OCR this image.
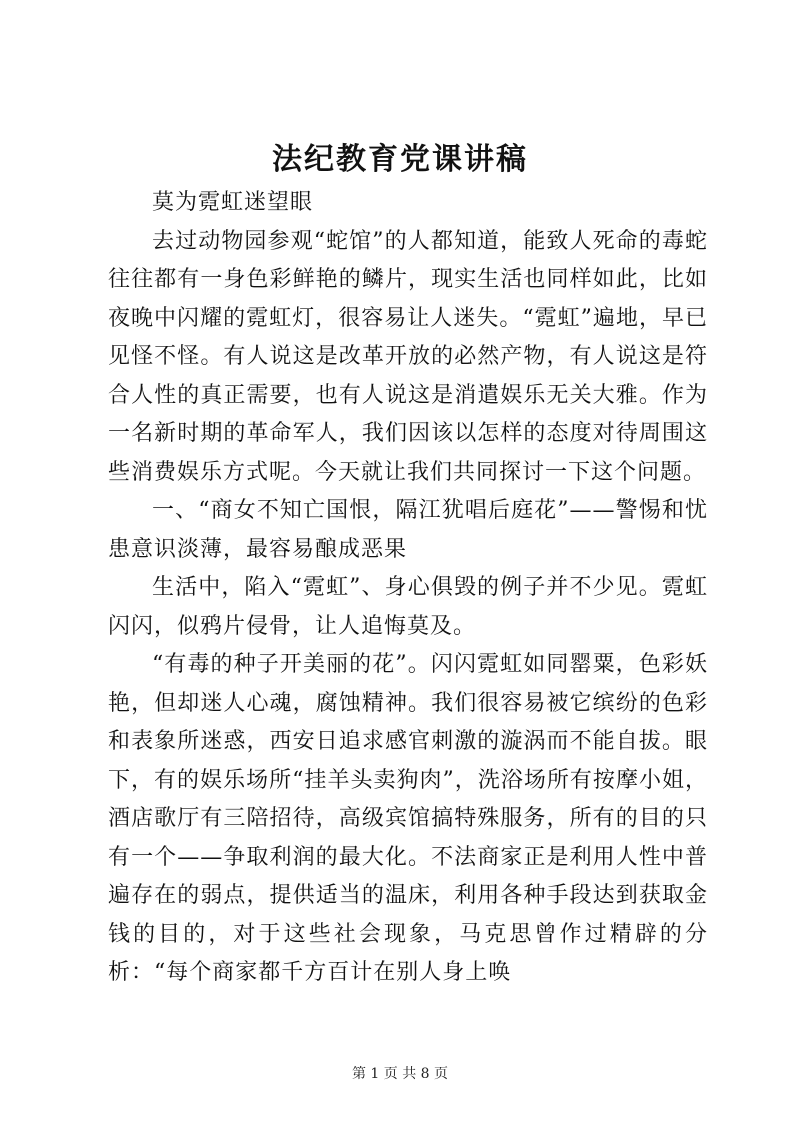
法纪教育党课讲稿

莫为霓虹迷望眼

去过动物园参观“蛇馆”的人都知道，能致人死命的毒蛇往往都有一身色彩鲜艳的鳞片，现实生活也同样如此，比如夜晚中闪耀的霓虹灯，很容易让人迷失。“霓虹”遍地，早已见怪不怪。有人说这是改革开放的必然产物，有人说这是符合人性的真正需要，也有人说这是消遣娱乐无关大雅。作为一名新时期的革命军人，我们因该以怎样的态度对待周围这些消费娱乐方式呢。今天就让我们共同探讨一下这个问题。

一、“商女不知亡国恨，隔江犹唱后庭花”——警惕和忧患意识淡薄，最容易酿成恶果

生活中，陷入“霓虹”、身心俱毁的例子并不少见。霓虹闪闪，似鸦片侵骨，让人追悔莫及。

“有毒的种子开美丽的花”。闪闪霓虹如同罂粟，色彩妖艳，但却迷人心魂，腐蚀精神。我们很容易被它缤纷的色彩和表象所迷惑，西安日追求感官刺激的漩涡而不能自拔。眼下，有的娱乐场所“挂羊头卖狗肉”，洗浴场所有按摩小姐，酒店歌厅有三陪招待，高级宾馆搞特殊服务，所有的目的只有一个——争取利润的最大化。不法商家正是利用人性中普遍存在的弱点，提供适当的温床，利用各种手段达到获取金钱的目的，对于这些社会现象，马克思曾作过精辟的分析：“每个商家都千方百计在别人身上唤

第 1 页 共 8 页
